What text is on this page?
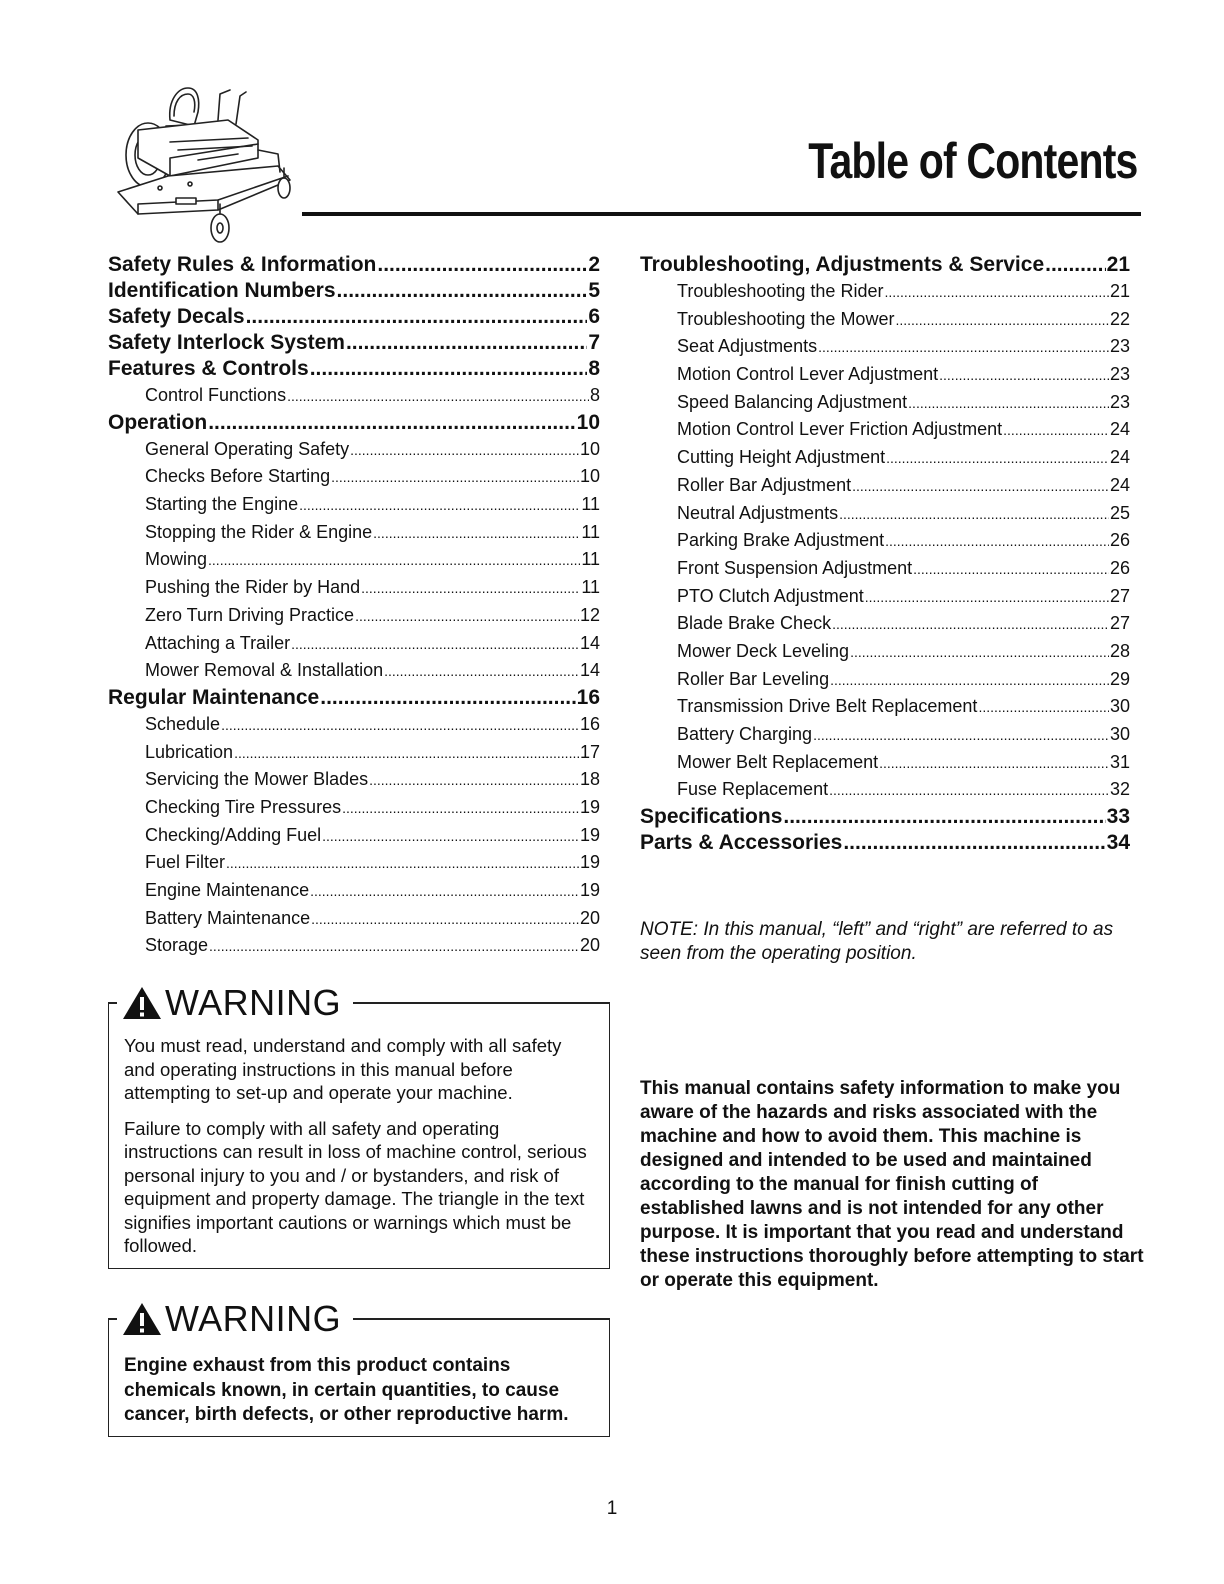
Table of Contents
Safety Rules & Information .....	2
Identification Numbers .....	5
Safety Decals .....	6
Safety Interlock System .....	7
Features & Controls .....	8
Control Functions .....	8
Operation .....	10
General Operating Safety .....	10
Checks Before Starting .....	10
Starting the Engine .....	11
Stopping the Rider & Engine .....	11
Mowing .....	11
Pushing the Rider by Hand .....	11
Zero Turn Driving Practice .....	12
Attaching a Trailer .....	14
Mower Removal & Installation .....	14
Regular Maintenance .....	16
Schedule .....	16
Lubrication .....	17
Servicing the Mower Blades .....	18
Checking Tire Pressures .....	19
Checking/Adding Fuel .....	19
Fuel Filter .....	19
Engine Maintenance .....	19
Battery Maintenance .....	20
Storage .....	20
Troubleshooting, Adjustments & Service .....	21
Troubleshooting the Rider .....	21
Troubleshooting the Mower .....	22
Seat Adjustments .....	23
Motion Control Lever Adjustment .....	23
Speed Balancing Adjustment .....	23
Motion Control Lever Friction Adjustment .....	24
Cutting Height Adjustment .....	24
Roller Bar Adjustment .....	24
Neutral Adjustments .....	25
Parking Brake Adjustment .....	26
Front Suspension Adjustment .....	26
PTO Clutch Adjustment .....	27
Blade Brake Check .....	27
Mower Deck Leveling .....	28
Roller Bar Leveling .....	29
Transmission Drive Belt Replacement .....	30
Battery Charging .....	30
Mower Belt Replacement .....	31
Fuse Replacement .....	32
Specifications .....	33
Parts & Accessories .....	34
NOTE: In this manual, “left” and “right” are referred to as seen from the operating position.
WARNING

You must read, understand and comply with all safety and operating instructions in this manual before attempting to set-up and operate your machine.

Failure to comply with all safety and operating instructions can result in loss of machine control, serious personal injury to you and / or bystanders, and risk of equipment and property damage. The triangle in the text signifies important cautions or warnings which must be followed.

WARNING
Engine exhaust from this product contains chemicals known, in certain quantities, to cause cancer, birth defects, or other reproductive harm.
This manual contains safety information to make you aware of the hazards and risks associated with the machine and how to avoid them. This machine is designed and intended to be used and maintained according to the manual for finish cutting of established lawns and is not intended for any other purpose. It is important that you read and understand these instructions thoroughly before attempting to start or operate this equipment.
1
